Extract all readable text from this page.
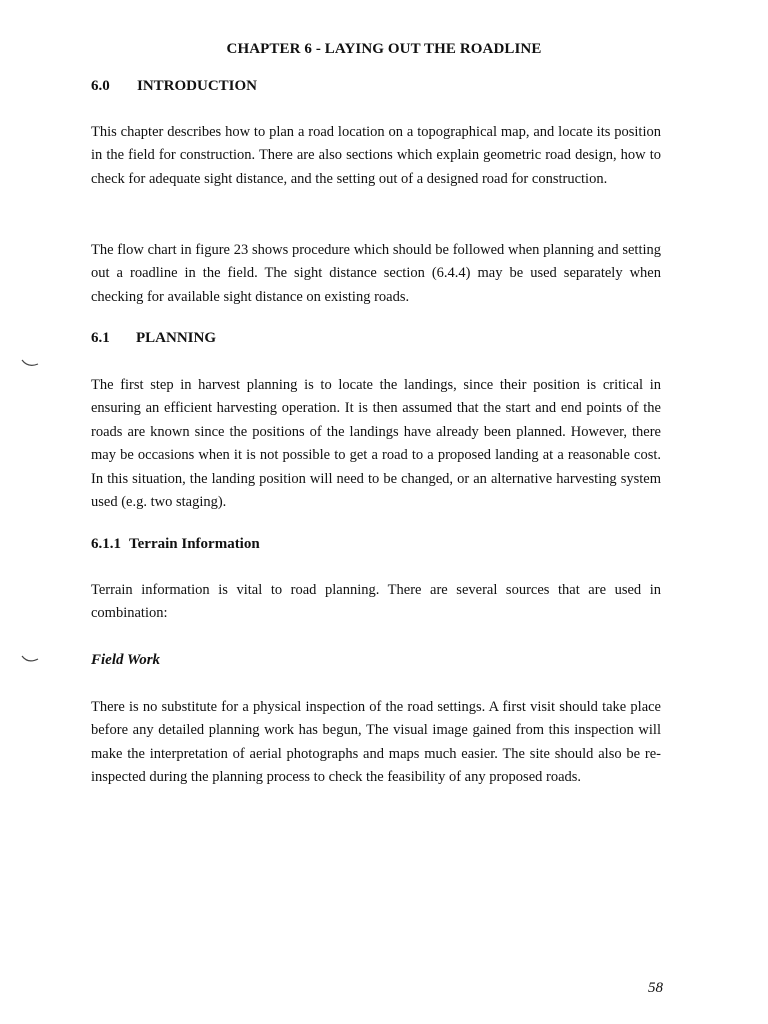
CHAPTER 6 - LAYING OUT THE ROADLINE
6.0 INTRODUCTION

This chapter describes how to plan a road location on a topographical map, and locate its position in the field for construction. There are also sections which explain geometric road design, how to check for adequate sight distance, and the setting out of a designed road for construction.

The flow chart in figure 23 shows procedure which should be followed when planning and setting out a roadline in the field. The sight distance section (6.4.4) may be used separately when checking for available sight distance on existing roads.

6.1 PLANNING

The first step in harvest planning is to locate the landings, since their position is critical in ensuring an efficient harvesting operation. It is then assumed that the start and end points of the roads are known since the positions of the landings have already been planned. However, there may be occasions when it is not possible to get a road to a proposed landing at a reasonable cost. In this situation, the landing position will need to be changed, or an alternative harvesting system used (e.g. two staging).

6.1.1 Terrain Information

Terrain information is vital to road planning. There are several sources that are used in combination:

Field Work

There is no substitute for a physical inspection of the road settings. A first visit should take place before any detailed planning work has begun, The visual image gained from this inspection will make the interpretation of aerial photographs and maps much easier. The site should also be re-inspected during the planning process to check the feasibility of any proposed roads.

58
